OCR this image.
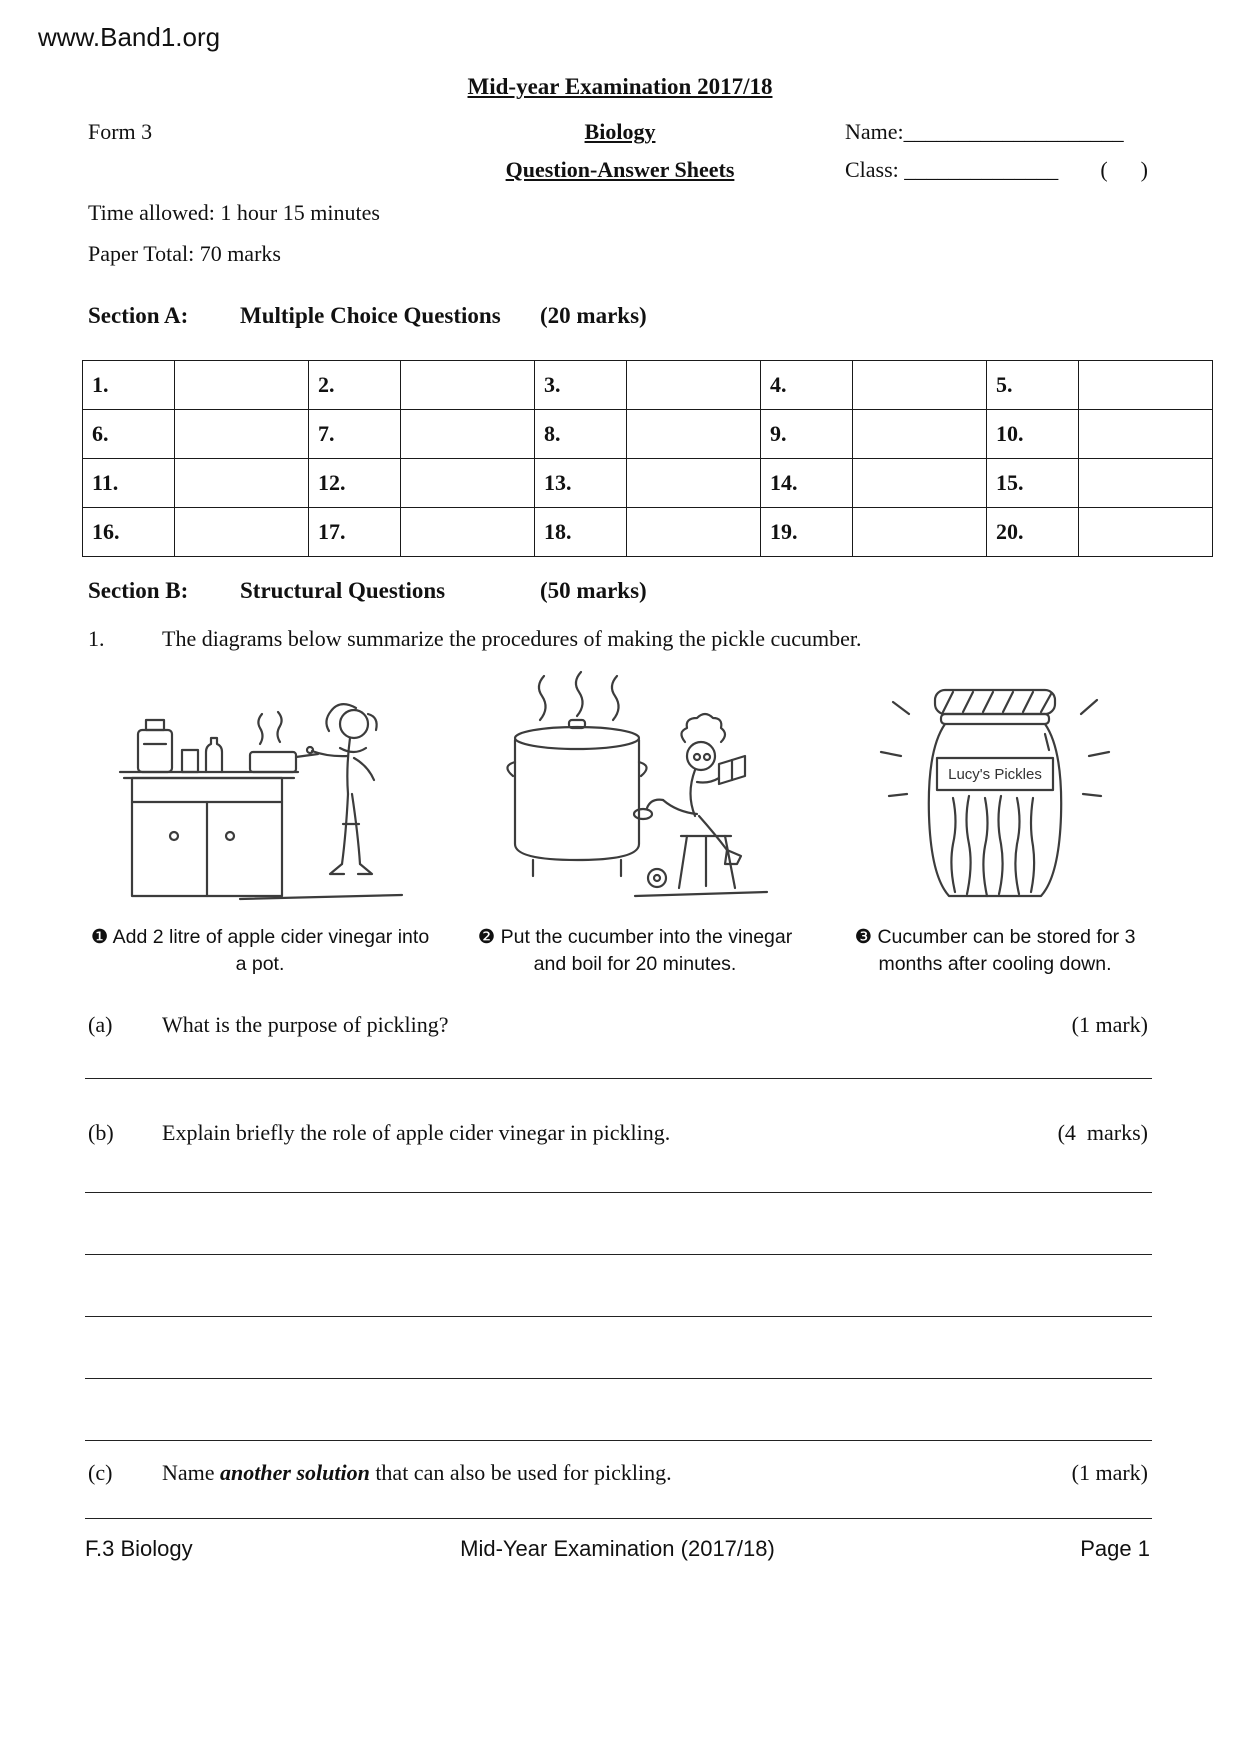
www.Band1.org
Mid-year Examination 2017/18
Form 3	Biology	Name:____________________
Question-Answer Sheets	Class: ______________ (      )
Time allowed: 1 hour 15 minutes
Paper Total: 70 marks
Section A: Multiple Choice Questions (20 marks)
1.		2.		3.		4.		5.	
6.		7.		8.		9.		10.	
11.		12.		13.		14.		15.	
16.		17.		18.		19.		20.	
Section B: Structural Questions	(50 marks)
1.	The diagrams below summarize the procedures of making the pickle cucumber.
❶ Add 2 litre of apple cider vinegar into a pot.
❷ Put the cucumber into the vinegar and boil for 20 minutes.
Lucy's Pickles
❸ Cucumber can be stored for 3 months after cooling down.
(a)	What is the purpose of pickling?	(1 mark)
(b)	Explain briefly the role of apple cider vinegar in pickling.	(4  marks)
(c)	Name another solution that can also be used for pickling.	(1 mark)
F.3 Biology	Mid-Year Examination (2017/18)	Page 1
